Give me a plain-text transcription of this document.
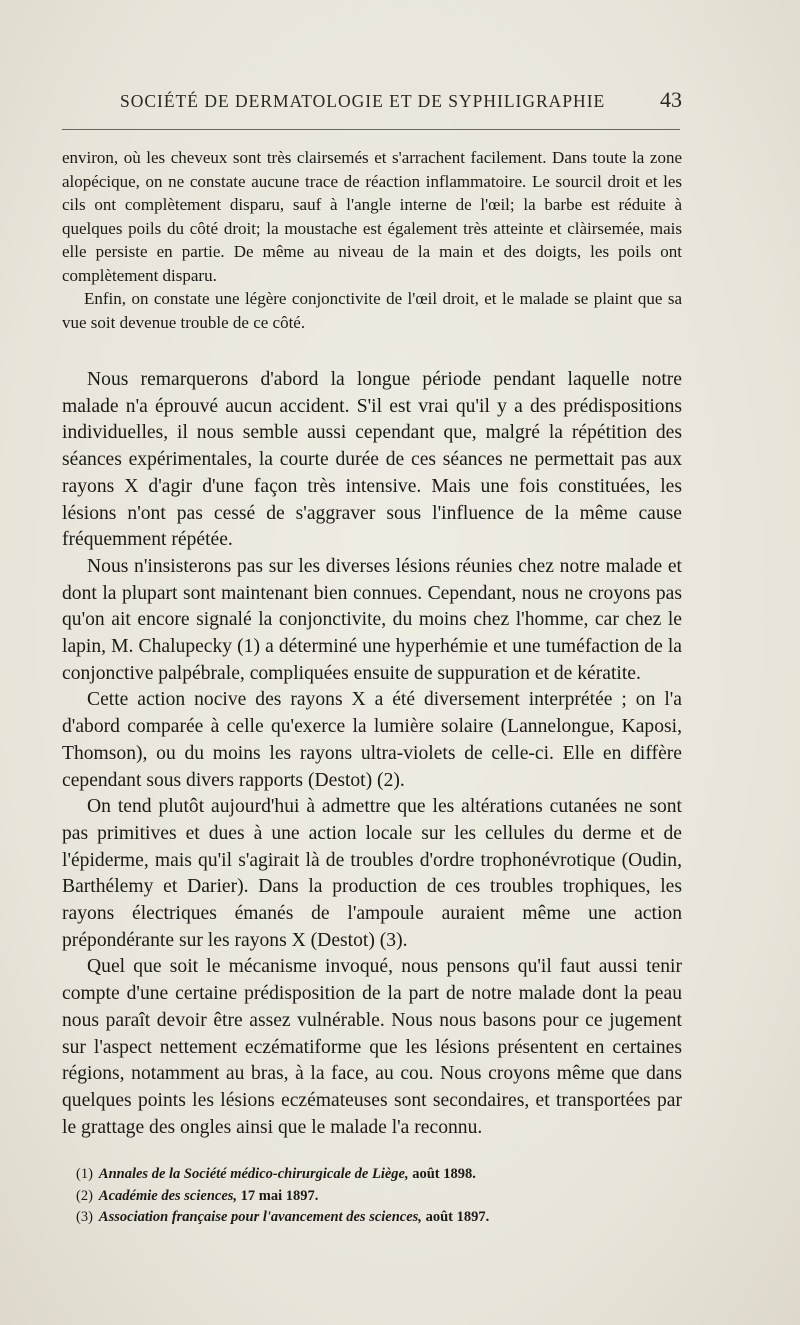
SOCIÉTÉ DE DERMATOLOGIE ET DE SYPHILIGRAPHIE 43

environ, où les cheveux sont très clairsemés et s'arrachent facilement. Dans toute la zone alopécique, on ne constate aucune trace de réaction inflammatoire. Le sourcil droit et les cils ont complètement disparu, sauf à l'angle interne de l'œil; la barbe est réduite à quelques poils du côté droit; la moustache est également très atteinte et clàirsemée, mais elle persiste en partie. De même au niveau de la main et des doigts, les poils ont complètement disparu.

Enfin, on constate une légère conjonctivite de l'œil droit, et le malade se plaint que sa vue soit devenue trouble de ce côté.

Nous remarquerons d'abord la longue période pendant laquelle notre malade n'a éprouvé aucun accident. S'il est vrai qu'il y a des prédispositions individuelles, il nous semble aussi cependant que, malgré la répétition des séances expérimentales, la courte durée de ces séances ne permettait pas aux rayons X d'agir d'une façon très intensive. Mais une fois constituées, les lésions n'ont pas cessé de s'aggraver sous l'influence de la même cause fréquemment répétée.

Nous n'insisterons pas sur les diverses lésions réunies chez notre malade et dont la plupart sont maintenant bien connues. Cependant, nous ne croyons pas qu'on ait encore signalé la conjonctivite, du moins chez l'homme, car chez le lapin, M. Chalupecky (1) a déterminé une hyperhémie et une tuméfaction de la conjonctive palpébrale, compliquées ensuite de suppuration et de kératite.

Cette action nocive des rayons X a été diversement interprétée ; on l'a d'abord comparée à celle qu'exerce la lumière solaire (Lannelongue, Kaposi, Thomson), ou du moins les rayons ultra-violets de celle-ci. Elle en diffère cependant sous divers rapports (Destot) (2).

On tend plutôt aujourd'hui à admettre que les altérations cutanées ne sont pas primitives et dues à une action locale sur les cellules du derme et de l'épiderme, mais qu'il s'agirait là de troubles d'ordre trophonévrotique (Oudin, Barthélemy et Darier). Dans la production de ces troubles trophiques, les rayons électriques émanés de l'ampoule auraient même une action prépondérante sur les rayons X (Destot) (3).

Quel que soit le mécanisme invoqué, nous pensons qu'il faut aussi tenir compte d'une certaine prédisposition de la part de notre malade dont la peau nous paraît devoir être assez vulnérable. Nous nous basons pour ce jugement sur l'aspect nettement eczématiforme que les lésions présentent en certaines régions, notamment au bras, à la face, au cou. Nous croyons même que dans quelques points les lésions eczémateuses sont secondaires, et transportées par le grattage des ongles ainsi que le malade l'a reconnu.

(1) Annales de la Société médico-chirurgicale de Liège, août 1898.
(2) Académie des sciences, 17 mai 1897.
(3) Association française pour l'avancement des sciences, août 1897.
